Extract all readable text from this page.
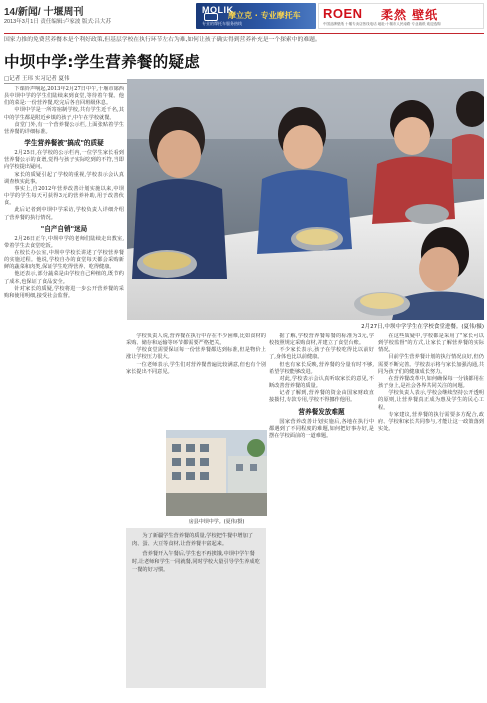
14/新闻/ 十堰周刊
2013年3月1日 责任编辑:卢家波 版式:吕大苏
MOLIK
摩立克 · 专业摩托车
专业的摩托车服务热线
ROEN 柔然 壁纸
中国品牌壁纸 十堰专卖店热线电话 地址:十堰市人民南路 专业墙纸 欢迎选购
国家力推的免费营养餐本是个利好政策,但基层学校在执行环节左右为难,如何让孩子确实得到营养补充是一个探索中的难题。
中坝中学:学生营养餐的疑虑
□记者 王玮 实习记者 夏伟

下课铃声响起,2013年2月27日中午,十堰市郧西县中坝中学的学生们陆续来到食堂,等待着午餐。他们的菜是:一份营养餐,吃完后各自回班级休息。

中坝中学是一所寄宿制学校,共有学生近千名,其中的学生都是附近乡镇的孩子,中午在学校就餐。

食堂门外,有一个营养餐公示栏,上面张贴着学生营养餐的详细标准。

学生营养餐被"搞成"的质疑

2月25日,在学校的公示栏内,一位学生家长看到营养餐公示的食谱,觉得与孩子实际吃到的不符,当即向学校提出疑问。

家长的质疑引起了学校的重视,学校表示会认真调查核实此事。

事实上,自2012年营养改善计划实施以来,中坝中学的学生每天可获得3元的营养补助,用于改善伙食。

此后记者到中坝中学采访,学校负责人详细介绍了营养餐的执行情况。

"自产自销"迷局

2月26日正午,中坝中学的老师们陆续走出教室,带着学生去食堂吃饭。

在校长办公室,中坝中学校长讲述了学校营养餐的实施过程。他说,学校自办的食堂每天都会采购新鲜的蔬菜和肉类,保证学生吃得营养、吃得健康。

他还表示,部分蔬菜是由学校自己种植的,既节约了成本,也保证了食品安全。

针对家长的质疑,学校将进一步公开营养餐的采购和使用明细,接受社会监督。

2月27日,中坝中学学生在学校食堂进餐。(夏伟/摄)

学校负责人说,营养餐在执行中存在不少困难,比如食材的采购、储存和运输等环节都需要严格把关。

学校食堂需要保证每一份营养餐都达到标准,但是物价上涨让学校压力很大。

一位老师表示,学生们对营养餐普遍比较满意,但也有个别家长提出不同意见。

房县中坝中学。(夏伟/摄)

为了新疆学生营养餐的质量,学校把牛餐中增加了肉、蛋、大豆等食材,让营养餐丰富起来。

营养餐开入午餐后,学生也不再挨饿,中坝中学午餐时,让老师和学生一同就餐,同时学校大量引导学生养成吃一餐的好习惯。

据了解,学校营养餐每餐的标准为3元,学校按照规定采购食材,并建立了食堂台账。

不少家长表示,孩子在学校吃得比以前好了,身体也比以前健康。

但也有家长反映,营养餐的分量有时不够,希望学校能够改进。

对此,学校表示会认真听取家长的意见,不断改善营养餐的质量。

记者了解到,营养餐的资金由国家财政直接拨付,专款专用,学校不得挪作他用。

营养餐发放难题

国家营养改善计划实施后,各地在执行中都遇到了不同程度的难题,如何把好事办好,是摆在学校面前的一道难题。

在这些质疑中,学校都是采用了"家长可以到学校监督"的方式,让家长了解营养餐的实际情况。

目前学生营养餐计划的执行情况良好,但仍需要不断完善。学校表示将与家长加强沟通,共同为孩子们的健康成长努力。

在营养餐改革中,如何确保每一分钱都用在孩子身上,是社会各界共同关注的问题。

学校负责人表示,学校会继续坚持公开透明的原则,让营养餐真正成为惠及学生的民心工程。

专家建议,营养餐的执行需要多方配合,政府、学校和家长共同参与,才能让这一政策落到实处。
